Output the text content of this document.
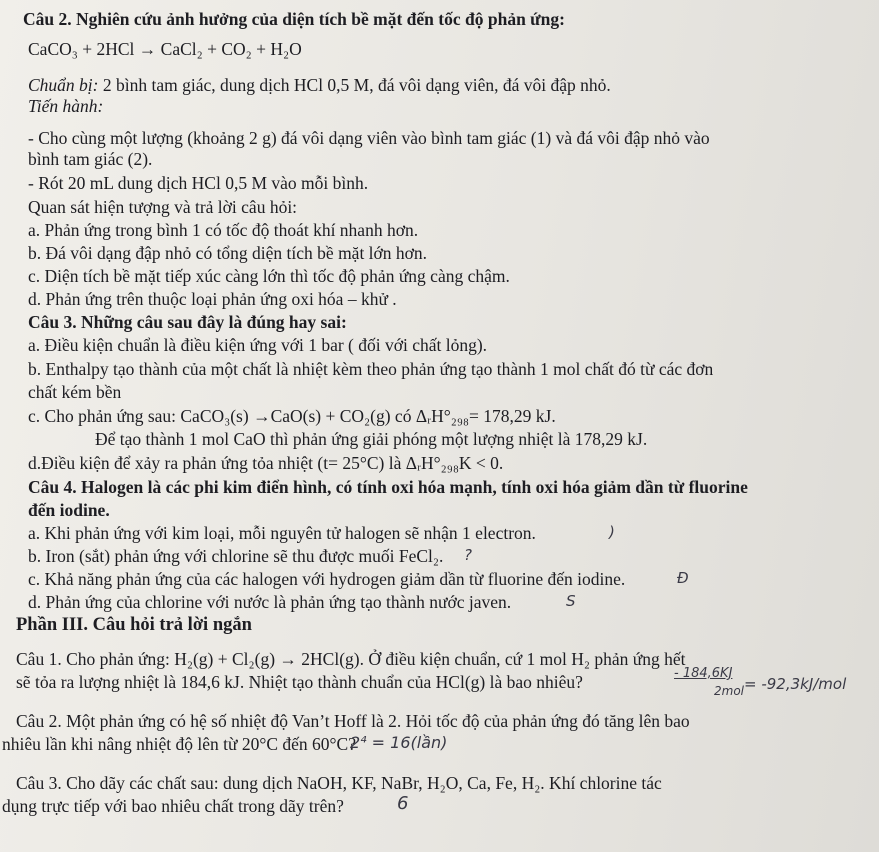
Câu 2. Nghiên cứu ảnh hưởng của diện tích bề mặt đến tốc độ phản ứng:
CaCO₃ + 2HCl → CaCl₂ + CO₂ + H₂O
Chuẩn bị: 2 bình tam giác, dung dịch HCl 0,5 M, đá vôi dạng viên, đá vôi đập nhỏ.
Tiến hành:
- Cho cùng một lượng (khoảng 2 g) đá vôi dạng viên vào bình tam giác (1) và đá vôi đập nhỏ vào
bình tam giác (2).
- Rót 20 mL dung dịch HCl 0,5 M vào mỗi bình.
Quan sát hiện tượng và trả lời câu hỏi:
a. Phản ứng trong bình 1 có tốc độ thoát khí nhanh hơn.
b. Đá vôi dạng đập nhỏ có tổng diện tích bề mặt lớn hơn.
c. Diện tích bề mặt tiếp xúc càng lớn thì tốc độ phản ứng càng chậm.
d. Phản ứng trên thuộc loại phản ứng oxi hóa – khử .
Câu 3. Những câu sau đây là đúng hay sai:
a. Điều kiện chuẩn là điều kiện ứng với 1 bar ( đối với chất lỏng).
b. Enthalpy tạo thành của một chất là nhiệt kèm theo phản ứng tạo thành 1 mol chất đó từ các đơn
chất kém bền
c. Cho phản ứng sau: CaCO₃(s) →CaO(s) + CO₂(g) có ΔᵣH°₂₉₈= 178,29 kJ.
Để tạo thành 1 mol CaO thì phản ứng giải phóng một lượng nhiệt là 178,29 kJ.
d.Điều kiện để xảy ra phản ứng tỏa nhiệt (t= 25°C) là ΔᵣH°₂₉₈K < 0.
Câu 4. Halogen là các phi kim điển hình, có tính oxi hóa mạnh, tính oxi hóa giảm dần từ fluorine
đến iodine.
a. Khi phản ứng với kim loại, mỗi nguyên tử halogen sẽ nhận 1 electron.
b. Iron (sắt) phản ứng với chlorine sẽ thu được muối FeCl₂.
c. Khả năng phản ứng của các halogen với hydrogen giảm dần từ fluorine đến iodine.
d. Phản ứng của chlorine với nước là phản ứng tạo thành nước javen.
Phần III. Câu hỏi trả lời ngắn
Câu 1. Cho phản ứng: H₂(g) + Cl₂(g) → 2HCl(g). Ở điều kiện chuẩn, cứ 1 mol H₂ phản ứng hết
sẽ tỏa ra lượng nhiệt là 184,6 kJ. Nhiệt tạo thành chuẩn của HCl(g) là bao nhiêu?
Câu 2. Một phản ứng có hệ số nhiệt độ Van’t Hoff là 2. Hỏi tốc độ của phản ứng đó tăng lên bao
nhiêu lần khi nâng nhiệt độ lên từ 20°C đến 60°C?
Câu 3. Cho dãy các chất sau: dung dịch NaOH, KF, NaBr, H₂O, Ca, Fe, H₂. Khí chlorine tác
dụng trực tiếp với bao nhiêu chất trong dãy trên?
)
?
Đ
S
- 184,6KJ
2mol = -92,3kJ/mol
2⁴ = 16(lần)
6
